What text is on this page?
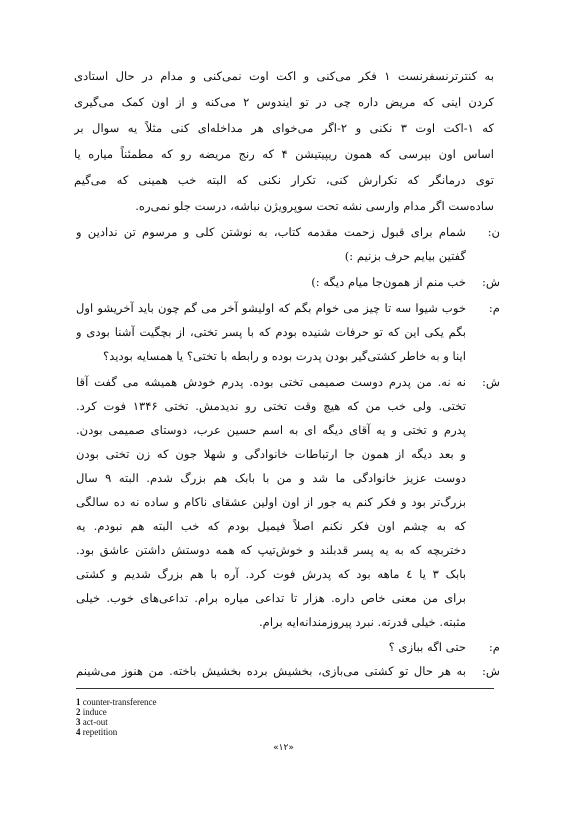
به کنترترنسفرنست ۱ فکر می‌کنی و اکت اوت نمی‌کنی و مدام در حال استادی
کردن اینی که مریض داره چی در تو ایندوس ۲ می‌کنه و از اون کمک می‌گیری
که ۱-اکت اوت ۳ نکنی و ۲-اگر می‌خوای هر مداخله‌ای کنی مثلاً یه سوال بر
اساس اون بپرسی که همون ریپیتیشن ۴ که رنج مریضه رو که مطمئناً میاره یا
توی درمانگر که تکرارش کنی، تکرار نکنی که البته خب همینی که می‌گیم
ساده‌ست اگر مدام وارسی نشه تحت سوپرویژن نباشه، درست جلو نمی‌ره.
ن:
شمام برای قبول زحمت مقدمه کتاب، به نوشتن کلی و مرسوم تن ندادین و
گفتین بیایم حرف بزنیم :)
ش:
خب منم از همون‌جا میام دیگه :)
م:
خوب شیوا سه تا چیز می خوام بگم که اولیشو آخر می گم چون باید آخریشو اول
بگم یکی این که تو حرفات شنیده بودم که با پسر تختی، از بچگیت آشنا بودی و
اینا و به خاطر کشتی‌گیر بودن پدرت بوده و رابطه با تختی؟ یا همسایه بودید؟
ش:
نه نه. من پدرم دوست صمیمی تختی بوده. پدرم خودش همیشه می گفت آقا
تختی. ولی خب من که هیچ وقت تختی رو ندیدمش. تختی ۱۳۴۶ فوت کرد.
پدرم و تختی و یه آقای دیگه ای به اسم حسین عرب، دوستای صمیمی بودن.
و بعد دیگه از همون جا ارتباطات خانوادگی و شهلا جون که زن تختی بودن
دوست عزیز خانوادگی ما شد و من با بابک هم بزرگ شدم. البته ۹ سال
بزرگ‌تر بود و فکر کنم یه جور از اون اولین عشقای ناکام و ساده نه ده سالگی
که به چشم اون فکر نکنم اصلاً فیمیل بودم که خب البته هم نبودم. یه
دختربچه که به یه پسر قدبلند و خوش‌تیپ که همه دوستش داشتن عاشق بود.
بابک ۳ یا ٤ ماهه بود که پدرش فوت کرد. آره با هم بزرگ شدیم و کشتی
برای من معنی خاص داره. هزار تا تداعی میاره برام. تداعی‌های خوب. خیلی
مثبته. خیلی قدرته. نبرد پیروزمندانه‌ایه برام.
م:
حتی اگه ببازی ؟
ش:
به هر حال تو کشتی می‌بازی، بخشیش برده بخشیش باخته. من هنوز می‌شینم
1 counter-transference
2 induce
3 act-out
4 repetition
«۱۲»
